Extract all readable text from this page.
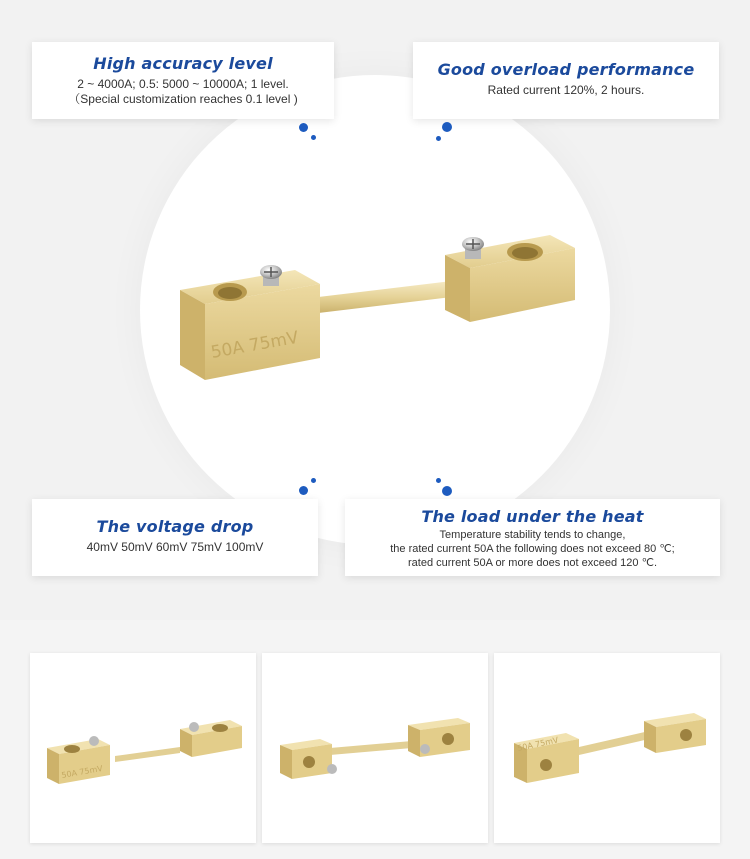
High accuracy level
2 ~ 4000A; 0.5: 5000 ~ 10000A; 1 level.
（Special customization reaches 0.1 level )
Good overload performance
Rated current 120%, 2 hours.
The voltage drop
40mV 50mV 60mV 75mV 100mV
The load under the heat
Temperature stability tends to change,
the rated current 50A the following does not exceed 80 ℃;
rated current 50A or more does not exceed 120 ℃.
50A 75mV
50A 75mV
50A 75mV
